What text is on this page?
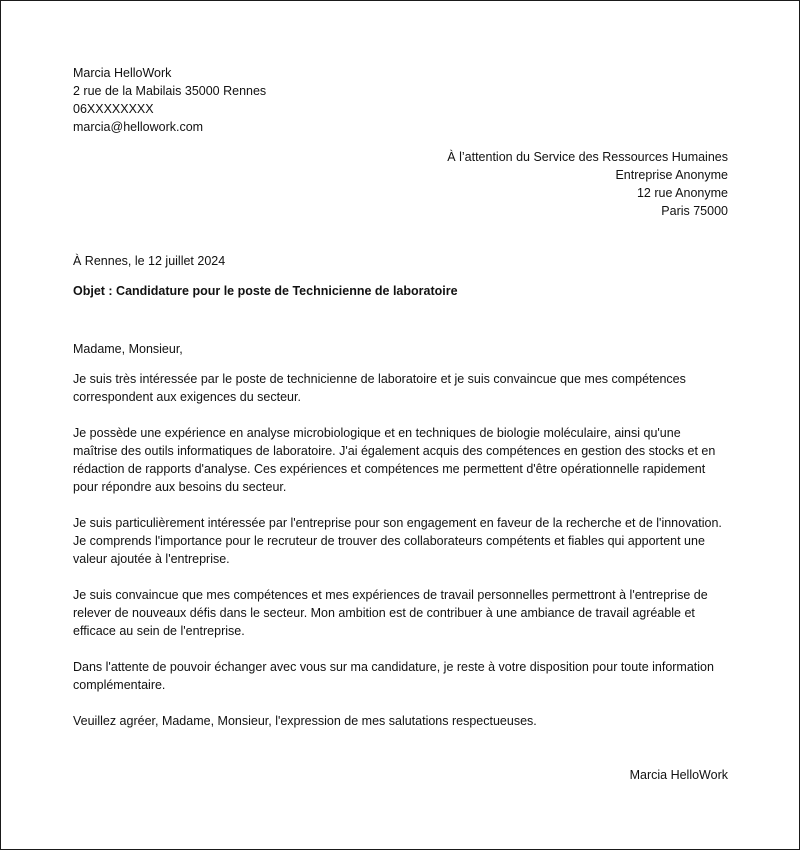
Marcia HelloWork
2 rue de la Mabilais 35000 Rennes
06XXXXXXXX
marcia@hellowork.com
À l’attention du Service des Ressources Humaines
Entreprise Anonyme
12 rue Anonyme
Paris 75000
À Rennes, le 12 juillet 2024
Objet : Candidature pour le poste de Technicienne de laboratoire
Madame, Monsieur,

Je suis très intéressée par le poste de technicienne de laboratoire et je suis convaincue que mes compétences correspondent aux exigences du secteur.

Je possède une expérience en analyse microbiologique et en techniques de biologie moléculaire, ainsi qu'une maîtrise des outils informatiques de laboratoire. J'ai également acquis des compétences en gestion des stocks et en rédaction de rapports d'analyse. Ces expériences et compétences me permettent d'être opérationnelle rapidement pour répondre aux besoins du secteur.

Je suis particulièrement intéressée par l'entreprise pour son engagement en faveur de la recherche et de l'innovation. Je comprends l'importance pour le recruteur de trouver des collaborateurs compétents et fiables qui apportent une valeur ajoutée à l'entreprise.

Je suis convaincue que mes compétences et mes expériences de travail personnelles permettront à l'entreprise de relever de nouveaux défis dans le secteur. Mon ambition est de contribuer à une ambiance de travail agréable et efficace au sein de l'entreprise.

Dans l'attente de pouvoir échanger avec vous sur ma candidature, je reste à votre disposition pour toute information complémentaire.

Veuillez agréer, Madame, Monsieur, l'expression de mes salutations respectueuses.

Marcia HelloWork
